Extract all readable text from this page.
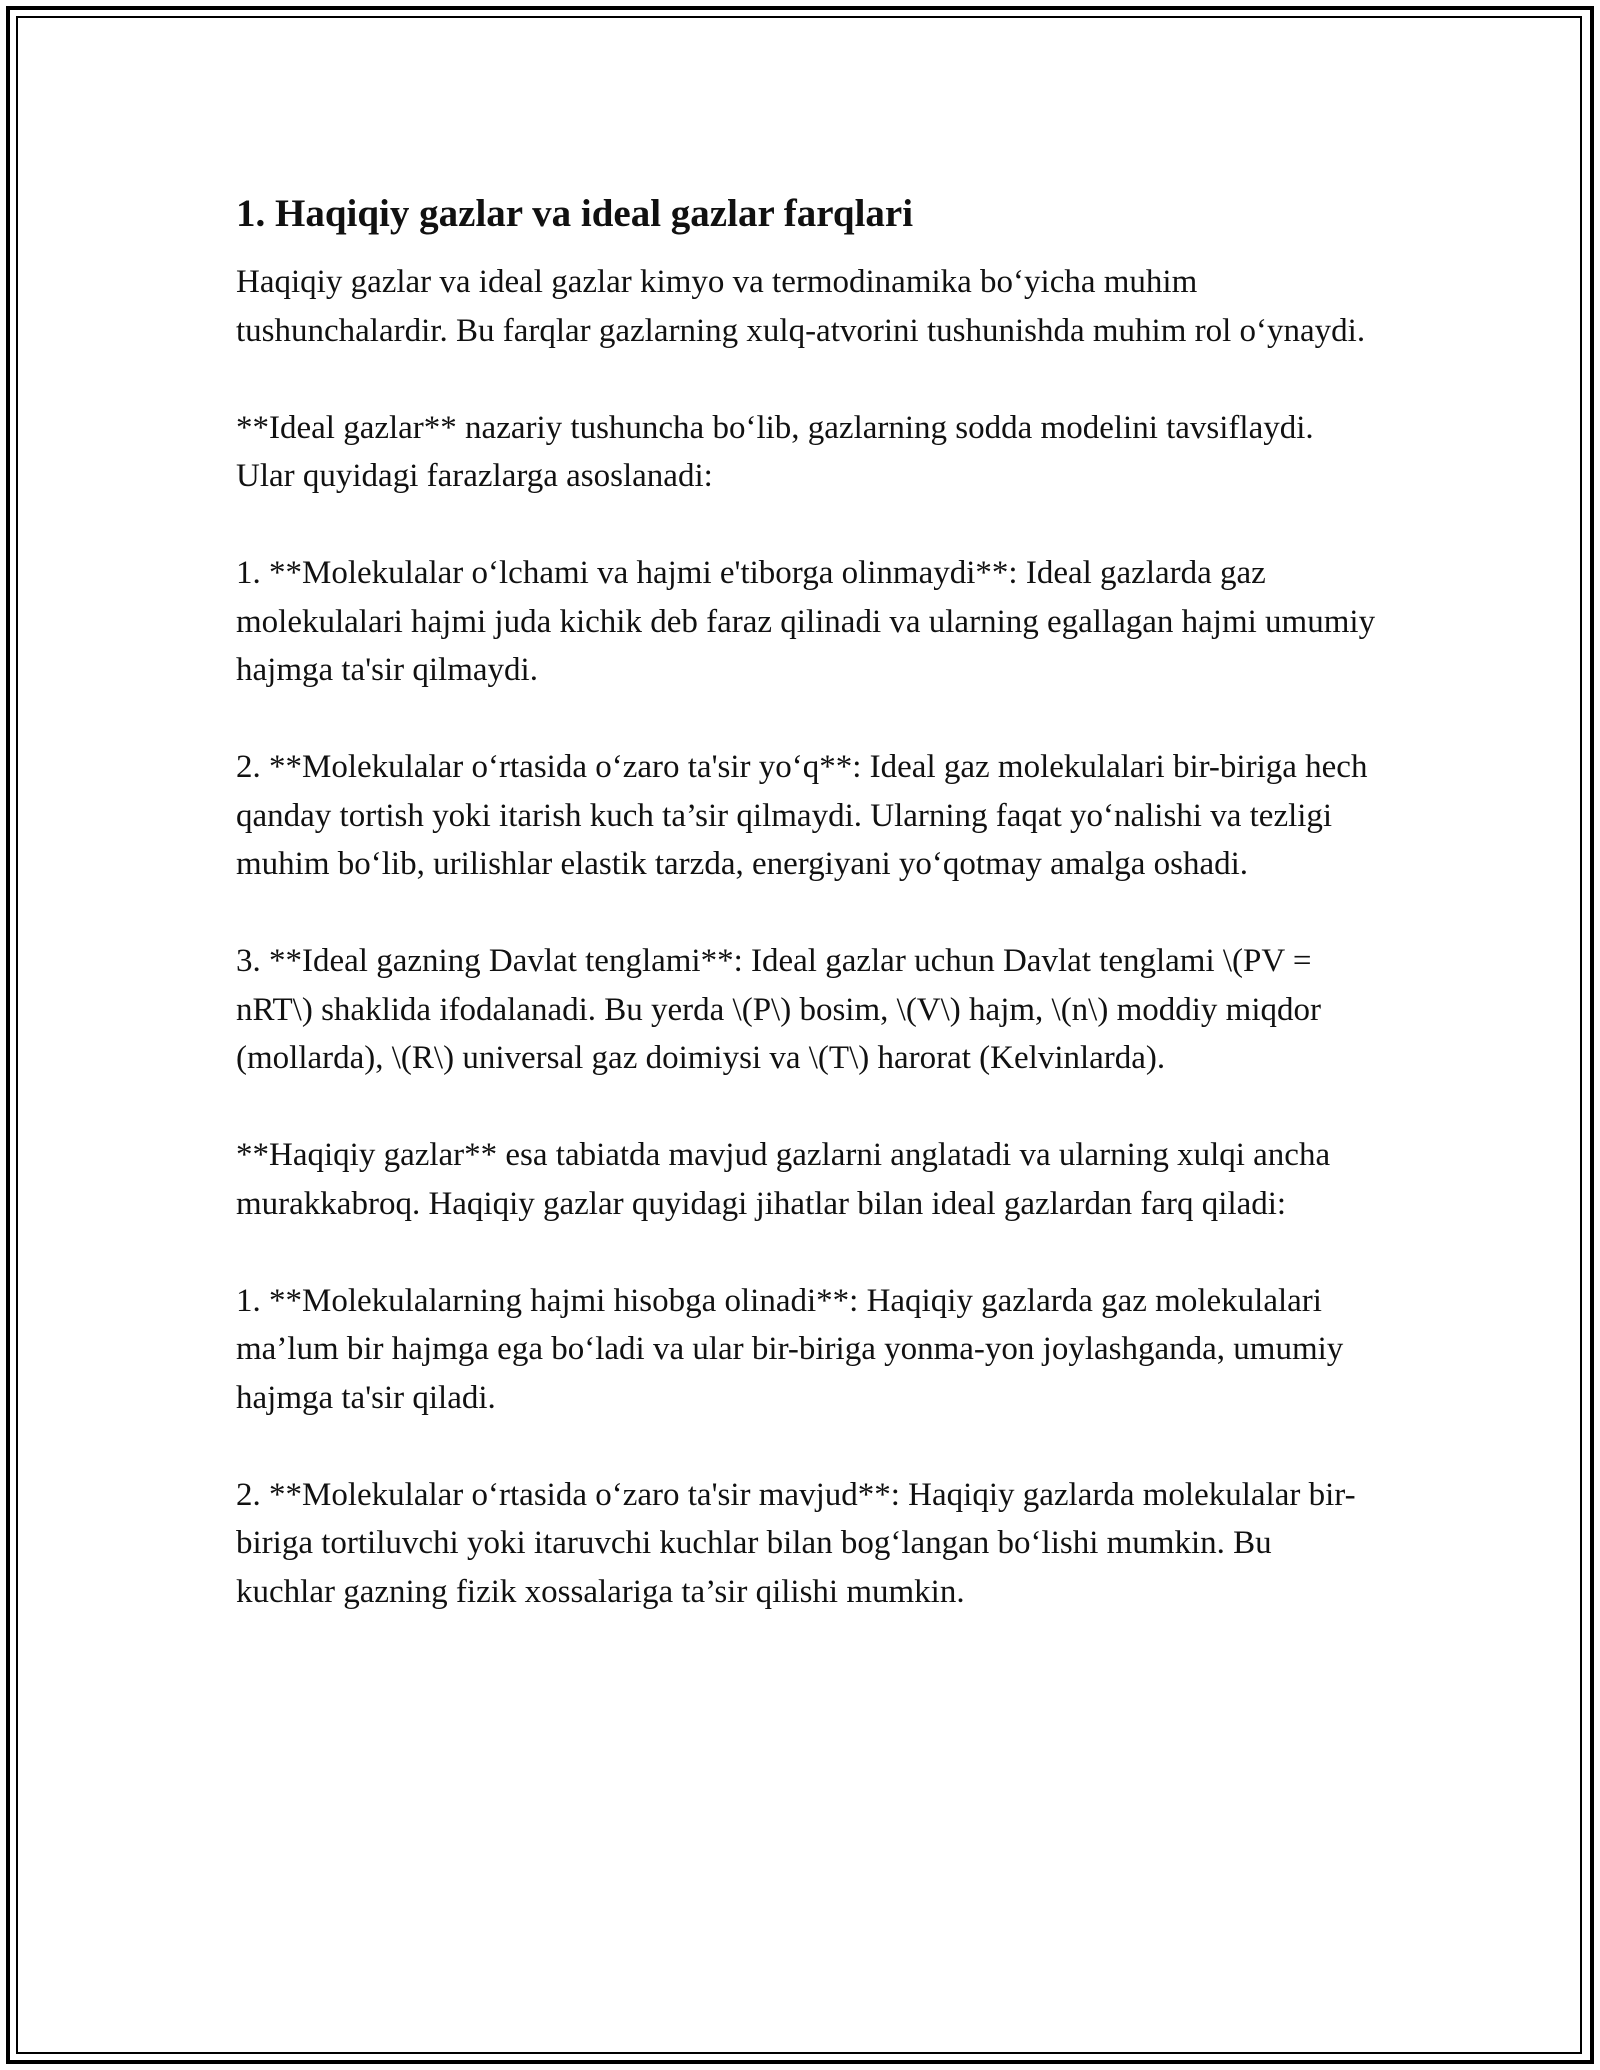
1. Haqiqiy gazlar va ideal gazlar farqlari

Haqiqiy gazlar va ideal gazlar kimyo va termodinamika bo‘yicha muhim tushunchalardir. Bu farqlar gazlarning xulq-atvorini tushunishda muhim rol o‘ynaydi.

**Ideal gazlar** nazariy tushuncha bo‘lib, gazlarning sodda modelini tavsiflaydi. Ular quyidagi farazlarga asoslanadi:

1. **Molekulalar o‘lchami va hajmi e'tiborga olinmaydi**: Ideal gazlarda gaz molekulalari hajmi juda kichik deb faraz qilinadi va ularning egallagan hajmi umumiy hajmga ta'sir qilmaydi.

2. **Molekulalar o‘rtasida o‘zaro ta'sir yo‘q**: Ideal gaz molekulalari bir-biriga hech qanday tortish yoki itarish kuch ta’sir qilmaydi. Ularning faqat yo‘nalishi va tezligi muhim bo‘lib, urilishlar elastik tarzda, energiyani yo‘qotmay amalga oshadi.

3. **Ideal gazning Davlat tenglami**: Ideal gazlar uchun Davlat tenglami \(PV = nRT\) shaklida ifodalanadi. Bu yerda \(P\) bosim, \(V\) hajm, \(n\) moddiy miqdor (mollarda), \(R\) universal gaz doimiysi va \(T\) harorat (Kelvinlarda).

**Haqiqiy gazlar** esa tabiatda mavjud gazlarni anglatadi va ularning xulqi ancha murakkabroq. Haqiqiy gazlar quyidagi jihatlar bilan ideal gazlardan farq qiladi:

1. **Molekulalarning hajmi hisobga olinadi**: Haqiqiy gazlarda gaz molekulalari ma’lum bir hajmga ega bo‘ladi va ular bir-biriga yonma-yon joylashganda, umumiy hajmga ta'sir qiladi.

2. **Molekulalar o‘rtasida o‘zaro ta'sir mavjud**: Haqiqiy gazlarda molekulalar bir-biriga tortiluvchi yoki itaruvchi kuchlar bilan bog‘langan bo‘lishi mumkin. Bu kuchlar gazning fizik xossalariga ta’sir qilishi mumkin.
